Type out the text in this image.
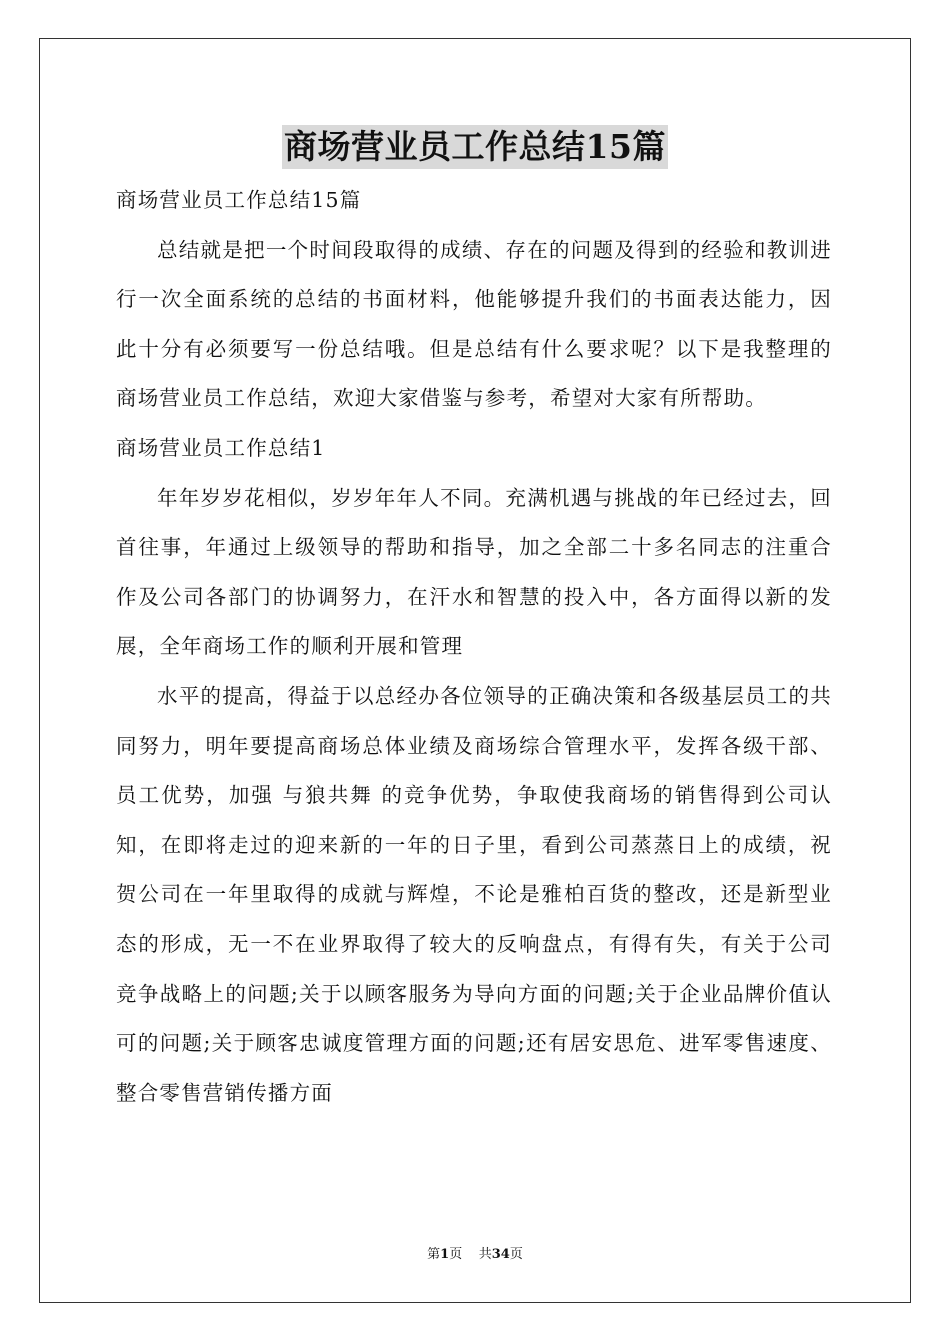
商场营业员工作总结15篇

商场营业员工作总结15篇

总结就是把一个时间段取得的成绩、存在的问题及得到的经验和教训进行一次全面系统的总结的书面材料，他能够提升我们的书面表达能力，因此十分有必须要写一份总结哦。但是总结有什么要求呢？以下是我整理的商场营业员工作总结，欢迎大家借鉴与参考，希望对大家有所帮助。

商场营业员工作总结1

年年岁岁花相似，岁岁年年人不同。充满机遇与挑战的年已经过去，回首往事，年通过上级领导的帮助和指导，加之全部二十多名同志的注重合作及公司各部门的协调努力，在汗水和智慧的投入中，各方面得以新的发展，全年商场工作的顺利开展和管理

水平的提高，得益于以总经办各位领导的正确决策和各级基层员工的共同努力，明年要提高商场总体业绩及商场综合管理水平，发挥各级干部、员工优势，加强 与狼共舞 的竞争优势，争取使我商场的销售得到公司认知，在即将走过的迎来新的一年的日子里，看到公司蒸蒸日上的成绩，祝贺公司在一年里取得的成就与辉煌，不论是雅柏百货的整改，还是新型业态的形成，无一不在业界取得了较大的反响盘点，有得有失，有关于公司竞争战略上的问题;关于以顾客服务为导向方面的问题;关于企业品牌价值认可的问题;关于顾客忠诚度管理方面的问题;还有居安思危、进军零售速度、整合零售营销传播方面

第1页 共34页
